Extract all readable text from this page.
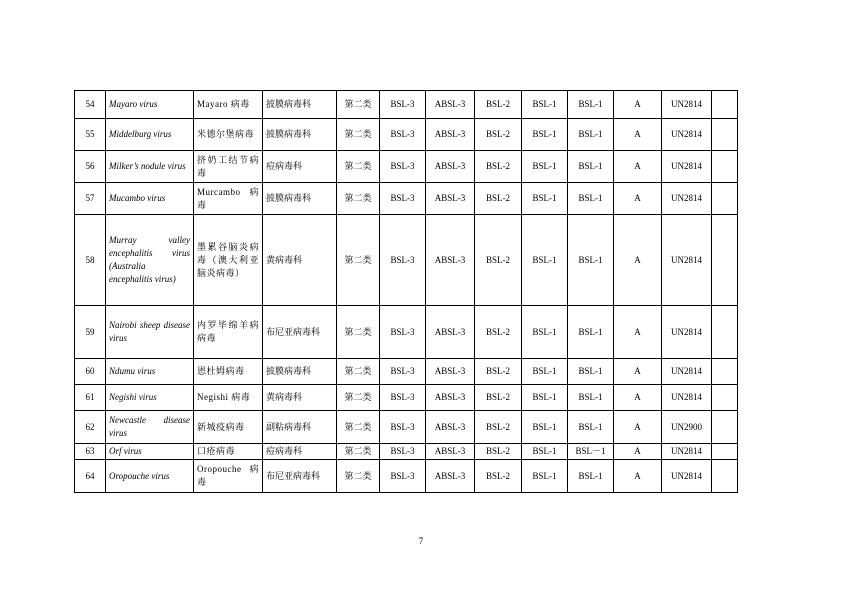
54	Mayaro virus	Mayaro 病毒	披膜病毒科	第二类	BSL-3	ABSL-3	BSL-2	BSL-1	BSL-1	A	UN2814	
55	Middelburg virus	米德尔堡病毒	披膜病毒科	第二类	BSL-3	ABSL-3	BSL-2	BSL-1	BSL-1	A	UN2814	
56	Milker’s nodule virus	挤奶工结节病毒	痘病毒科	第二类	BSL-3	ABSL-3	BSL-2	BSL-1	BSL-1	A	UN2814	
57	Mucambo virus	Murcambo 病毒	披膜病毒科	第二类	BSL-3	ABSL-3	BSL-2	BSL-1	BSL-1	A	UN2814	
58	Murray valley encephalitis virus (Australia encephalitis virus)	墨累谷脑炎病毒（澳大利亚脑炎病毒）	黄病毒科	第二类	BSL-3	ABSL-3	BSL-2	BSL-1	BSL-1	A	UN2814	
59	Nairobi sheep disease virus	内罗毕绵羊病病毒	布尼亚病毒科	第二类	BSL-3	ABSL-3	BSL-2	BSL-1	BSL-1	A	UN2814	
60	Ndumu virus	恩杜姆病毒	披膜病毒科	第二类	BSL-3	ABSL-3	BSL-2	BSL-1	BSL-1	A	UN2814	
61	Negishi virus	Negishi 病毒	黄病毒科	第二类	BSL-3	ABSL-3	BSL-2	BSL-1	BSL-1	A	UN2814	
62	Newcastle disease virus	新城疫病毒	副粘病毒科	第二类	BSL-3	ABSL-3	BSL-2	BSL-1	BSL-1	A	UN2900	
63	Orf virus	口疮病毒	痘病毒科	第二类	BSL-3	ABSL-3	BSL-2	BSL-1	BSL－1	A	UN2814	
64	Oropouche virus	Oropouche 病毒	布尼亚病毒科	第二类	BSL-3	ABSL-3	BSL-2	BSL-1	BSL-1	A	UN2814	
7
